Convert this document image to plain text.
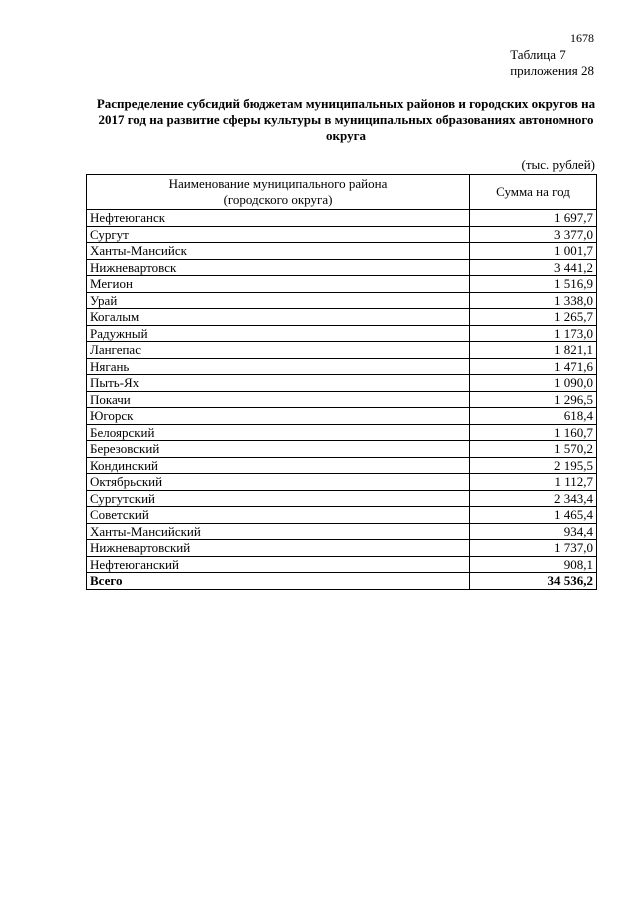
1678
Таблица 7
приложения 28
Распределение субсидий бюджетам муниципальных районов и городских округов на 2017 год на развитие сферы культуры в муниципальных образованиях автономного округа
(тыс. рублей)
Наименование муниципального района
(городского округа)	Сумма на год
Нефтеюганск	1 697,7
Сургут	3 377,0
Ханты-Мансийск	1 001,7
Нижневартовск	3 441,2
Мегион	1 516,9
Урай	1 338,0
Когалым	1 265,7
Радужный	1 173,0
Лангепас	1 821,1
Нягань	1 471,6
Пыть-Ях	1 090,0
Покачи	1 296,5
Югорск	618,4
Белоярский	1 160,7
Березовский	1 570,2
Кондинский	2 195,5
Октябрьский	1 112,7
Сургутский	2 343,4
Советский	1 465,4
Ханты-Мансийский	934,4
Нижневартовский	1 737,0
Нефтеюганский	908,1
Всего	34 536,2
